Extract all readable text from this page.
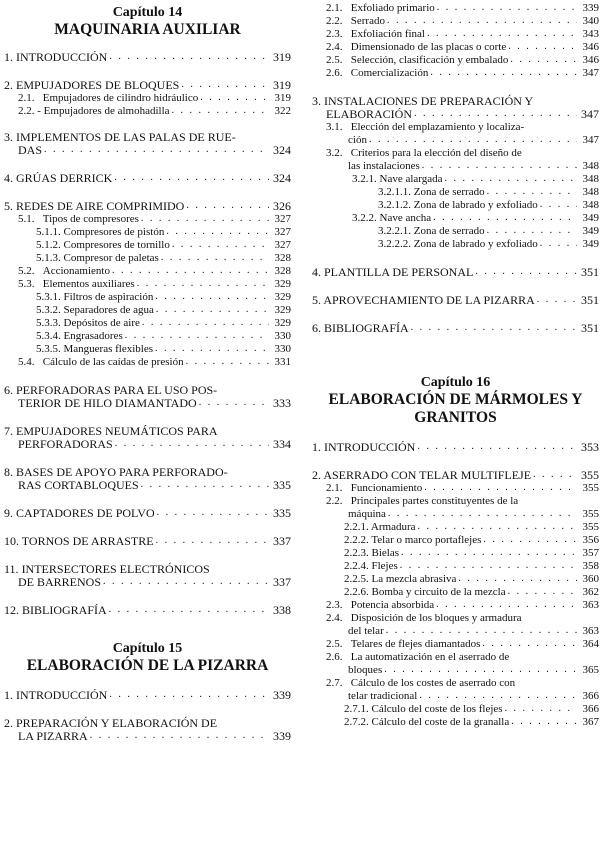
Capítulo 14
MAQUINARIA AUXILIAR
1. INTRODUCCIÓN . . .	319
2. EMPUJADORES DE BLOQUES . . .	319
2.1. Empujadores de cilindro hidráulico . . .	319
2.2. - Empujadores de almohadilla . . .	322
3. IMPLEMENTOS DE LAS PALAS DE RUE-
DAS . . .	324
4. GRÚAS DERRICK . . .	324
5. REDES DE AIRE COMPRIMIDO . . .	326
5.1. Tipos de compresores . . .	327
5.1.1. Compresores de pistón . . .	327
5.1.2. Compresores de tornillo . . .	327
5.1.3. Compresor de paletas . . .	328
5.2. Accionamiento . . .	328
5.3. Elementos auxiliares . . .	329
5.3.1. Filtros de aspiración . . .	329
5.3.2. Separadores de agua . . .	329
5.3.3. Depósitos de aire . . .	329
5.3.4. Engrasadores . . .	330
5.3.5. Mangueras flexibles . . .	330
5.4. Cálculo de las caídas de presión . . .	331
6. PERFORADORAS PARA EL USO POS-
TERIOR DE HILO DIAMANTADO . . .	333
7. EMPUJADORES NEUMÁTICOS PARA
PERFORADORAS . . .	334
8. BASES DE APOYO PARA PERFORADO-
RAS CORTABLOQUES . . .	335
9. CAPTADORES DE POLVO . . .	335
10. TORNOS DE ARRASTRE . . .	337
11. INTERSECTORES ELECTRÓNICOS
DE BARRENOS . . .	337
12. BIBLIOGRAFÍA . . .	338
Capítulo 15
ELABORACIÓN DE LA PIZARRA
1. INTRODUCCIÓN . . .	339
2. PREPARACIÓN Y ELABORACIÓN DE
LA PIZARRA . . .	339
2.1. Exfoliado primario . . .	339
2.2. Serrado . . .	340
2.3. Exfoliación final . . .	343
2.4. Dimensionado de las placas o corte . . .	346
2.5. Selección, clasificación y embalado . . .	346
2.6. Comercialización . . .	347
3. INSTALACIONES DE PREPARACIÓN Y
ELABORACIÓN . . .	347
3.1. Elección del emplazamiento y localiza-
ción . . .	347
3.2. Criterios para la elección del diseño de
las instalaciones . . .	348
3.2.1. Nave alargada . . .	348
3.2.1.1. Zona de serrado . . .	348
3.2.1.2. Zona de labrado y exfoliado . . .	348
3.2.2. Nave ancha . . .	349
3.2.2.1. Zona de serrado . . .	349
3.2.2.2. Zona de labrado y exfoliado . . .	349
4. PLANTILLA DE PERSONAL . . .	351
5. APROVECHAMIENTO DE LA PIZARRA . . .	351
6. BIBLIOGRAFÍA . . .	351
Capítulo 16
ELABORACIÓN DE MÁRMOLES Y
GRANITOS
1. INTRODUCCIÓN . . .	353
2. ASERRADO CON TELAR MULTIFLEJE . . .	355
2.1. Funcionamiento . . .	355
2.2. Principales partes constituyentes de la
máquina . . .	355
2.2.1. Armadura . . .	355
2.2.2. Telar o marco portaflejes . . .	356
2.2.3. Bielas . . .	357
2.2.4. Flejes . . .	358
2.2.5. La mezcla abrasiva . . .	360
2.2.6. Bomba y circuito de la mezcla . . .	362
2.3. Potencia absorbida . . .	363
2.4. Disposición de los bloques y armadura
del telar . . .	363
2.5. Telares de flejes diamantados . . .	364
2.6. La automatización en el aserrado de
bloques . . .	365
2.7. Cálculo de los costes de aserrado con
telar tradicional . . .	366
2.7.1. Cálculo del coste de los flejes . . .	366
2.7.2. Cálculo del coste de la granalla . . .	367
